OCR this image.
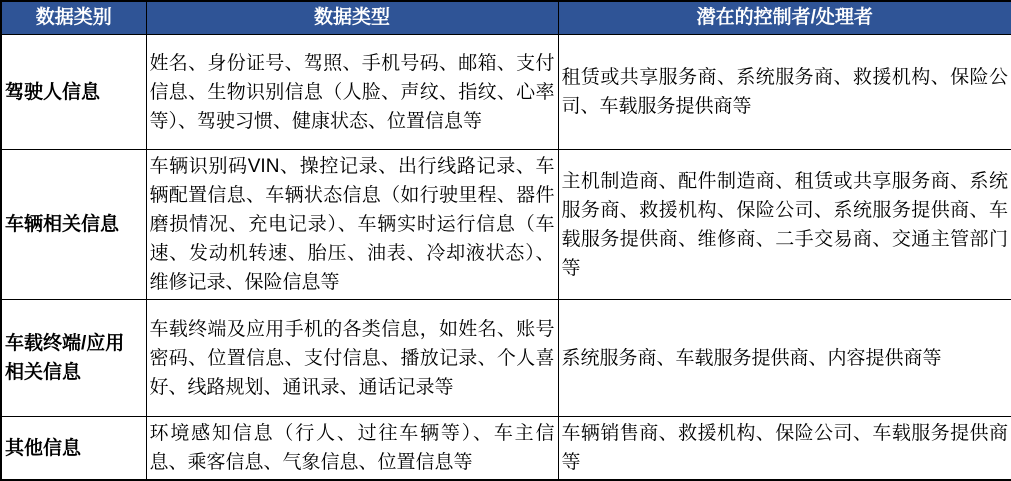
数据类别	数据类型	潜在的控制者/处理者
驾驶人信息	姓名、身份证号、驾照、手机号码、邮箱、支付信息、生物识别信息（人脸、声纹、指纹、心率等）、驾驶习惯、健康状态、位置信息等	租赁或共享服务商、系统服务商、救援机构、保险公司、车载服务提供商等
车辆相关信息	车辆识别码VIN、操控记录、出行线路记录、车辆配置信息、车辆状态信息（如行驶里程、器件磨损情况、充电记录）、车辆实时运行信息（车速、发动机转速、胎压、油表、冷却液状态）、维修记录、保险信息等	主机制造商、配件制造商、租赁或共享服务商、系统服务商、救援机构、保险公司、系统服务提供商、车载服务提供商、维修商、二手交易商、交通主管部门等
车载终端/应用相关信息	车载终端及应用手机的各类信息，如姓名、账号密码、位置信息、支付信息、播放记录、个人喜好、线路规划、通讯录、通话记录等	系统服务商、车载服务提供商、内容提供商等
其他信息	环境感知信息（行人、过往车辆等）、车主信息、乘客信息、气象信息、位置信息等	车辆销售商、救援机构、保险公司、车载服务提供商等
